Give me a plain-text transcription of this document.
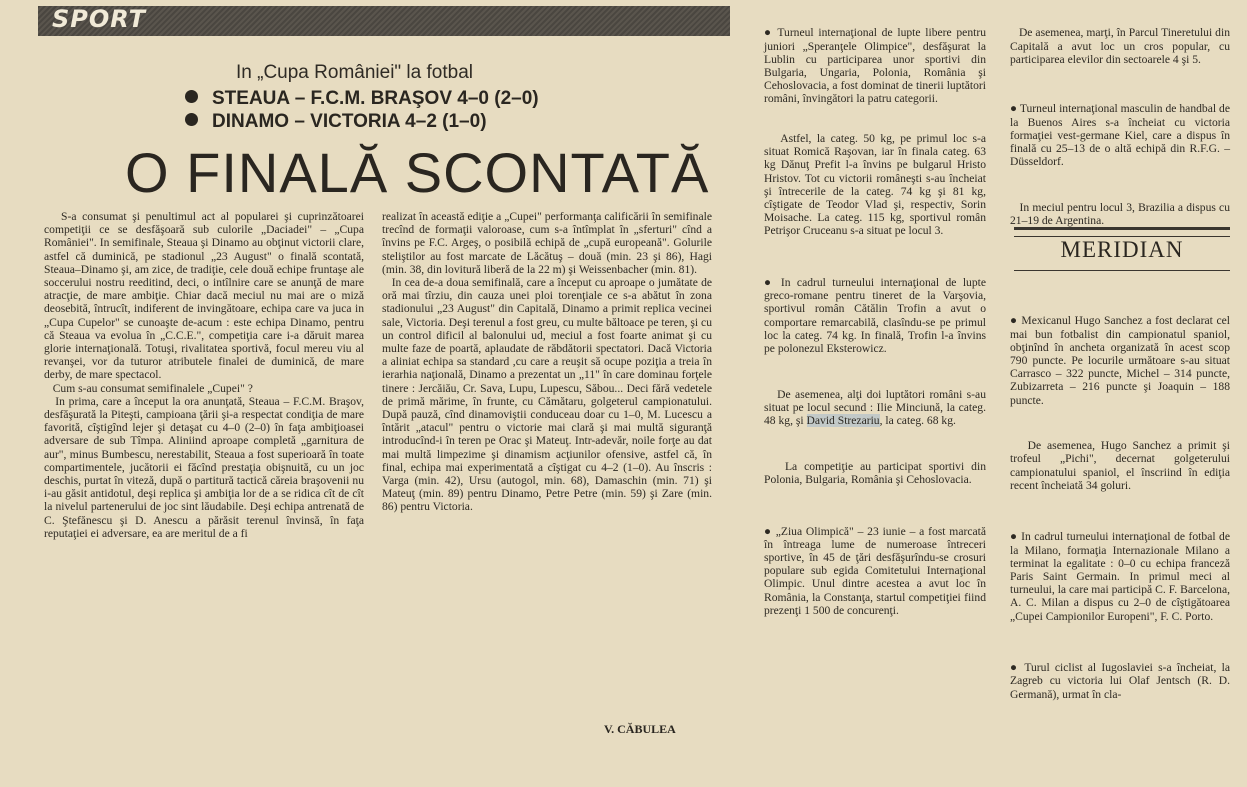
SPORT
In „Cupa României" la fotbal
STEAUA – F.C.M. BRAŞOV 4–0 (2–0)
DINAMO – VICTORIA 4–2 (1–0)
O FINALĂ SCONTATĂ
S-a consumat şi penultimul act al popularei şi cuprinzătoarei competiţii ce se desfăşoară sub culorile „Daciadei" – „Cupa României". In semifinale, Steaua şi Dinamo au obţinut victorii clare, astfel că duminică, pe stadionul „23 August" o finală scontată, Steaua–Dinamo şi, am zice, de tradiţie, cele două echipe fruntaşe ale soccerului nostru reeditind, deci, o intîlnire care se anunţă de mare atracţie, de mare ambiţie. Chiar dacă meciul nu mai are o miză deosebită, întrucît, indiferent de invingătoare, echipa care va juca in „Cupa Cupelor" se cunoaşte de-acum : este echipa Dinamo, pentru că Steaua va evolua în „C.C.E.", competiţia care i-a dăruit marea glorie internaţională. Totuşi, rivalitatea sportivă, focul mereu viu al revanşei, vor da tuturor atributele finalei de duminică, de mare derby, de mare spectacol.
Cum s-au consumat semifinalele „Cupei" ?
In prima, care a început la ora anunţată, Steaua – F.C.M. Braşov, desfăşurată la Piteşti, campioana ţării şi-a respectat condiţia de mare favorită, cîştigînd lejer şi detaşat cu 4–0 (2–0) în faţa ambiţioasei adversare de sub Tîmpa. Aliniind aproape completă „garnitura de aur", minus Bumbescu, nerestabilit, Steaua a fost superioară în toate compartimentele, jucătorii ei făcînd prestaţia obişnuită, cu un joc deschis, purtat în viteză, după o partitură tactică căreia braşovenii nu i-au găsit antidotul, deşi replica şi ambiţia lor de a se ridica cît de cît la nivelul partenerului de joc sint lăudabile. Deşi echipa antrenată de C. Ştefănescu şi D. Anescu a părăsit terenul învinsă, în faţa reputaţiei ei adversare, ea are meritul de a fi
realizat în această ediţie a „Cupei" performanţa calificării în semifinale trecînd de formaţii valoroase, cum s-a întîmplat în „sferturi" cînd a învins pe F.C. Argeş, o posibilă echipă de „cupă europeană". Golurile steliştilor au fost marcate de Lăcătuş – două (min. 23 şi 86), Hagi (min. 38, din lovitură liberă de la 22 m) şi Weissenbacher (min. 81).
In cea de-a doua semifinală, care a început cu aproape o jumătate de oră mai tîrziu, din cauza unei ploi torenţiale ce s-a abătut în zona stadionului „23 August" din Capitală, Dinamo a primit replica vecinei sale, Victoria. Deşi terenul a fost greu, cu multe băltoace pe teren, şi cu un control dificil al balonului ud, meciul a fost foarte animat şi cu multe faze de poartă, aplaudate de răbdătorii spectatori. Dacă Victoria a aliniat echipa sa standard ,cu care a reuşit să ocupe poziţia a treia în ierarhia naţională, Dinamo a prezentat un „11" în care dominau forţele tinere : Jercăiău, Cr. Sava, Lupu, Lupescu, Săbou... Deci fără vedetele de primă mărime, în frunte, cu Cămătaru, golgeterul campionatului. După pauză, cînd dinamoviştii conduceau doar cu 1–0, M. Lucescu a întărit „atacul" pentru o victorie mai clară şi mai multă siguranţă introducînd-i în teren pe Orac şi Mateuţ. Intr-adevăr, noile forţe au dat mai multă limpezime şi dinamism acţiunilor ofensive, astfel că, în final, echipa mai experimentată a cîştigat cu 4–2 (1–0). Au înscris : Varga (min. 42), Ursu (autogol, min. 68), Damaschin (min. 71) şi Mateuţ (min. 89) pentru Dinamo, Petre Petre (min. 59) şi Zare (min. 86) pentru Victoria.
V. CĂBULEA

● Turneul internaţional de lupte libere pentru juniori „Speranţele Olimpice", desfăşurat la Lublin cu participarea unor sportivi din Bulgaria, Ungaria, Polonia, România şi Cehoslovacia, a fost dominat de tinerii luptători români, învingători la patru categorii.

Astfel, la categ. 50 kg, pe primul loc s-a situat Romică Raşovan, iar în finala categ. 63 kg Dănuţ Prefit l-a învins pe bulgarul Hristo Hristov. Tot cu victorii româneşti s-au încheiat şi întrecerile de la categ. 74 kg şi 81 kg, cîştigate de Teodor Vlad şi, respectiv, Sorin Moisache. La categ. 115 kg, sportivul român Petrişor Cruceanu s-a situat pe locul 3.

● In cadrul turneului internaţional de lupte greco-romane pentru tineret de la Varşovia, sportivul român Cătălin Trofin a avut o comportare remarcabilă, clasîndu-se pe primul loc la categ. 74 kg. In finală, Trofin l-a învins pe polonezul Eksterowicz.

De asemenea, alţi doi luptători români s-au situat pe locul secund : Ilie Minciună, la categ. 48 kg, şi David Strezariu, la categ. 68 kg.

La competiţie au participat sportivi din Polonia, Bulgaria, România şi Cehoslovacia.

● „Ziua Olimpică" – 23 iunie – a fost marcată în întreaga lume de numeroase întreceri sportive, în 45 de ţări desfăşurîndu-se crosuri populare sub egida Comitetului Internaţional Olimpic. Unul dintre acestea a avut loc în România, la Constanţa, startul competiţiei fiind prezenţi 1 500 de concurenţi.

De asemenea, marţi, în Parcul Tineretului din Capitală a avut loc un cros popular, cu participarea elevilor din sectoarele 4 şi 5.

● Turneul internaţional masculin de handbal de la Buenos Aires s-a încheiat cu victoria formaţiei vest-germane Kiel, care a dispus în finală cu 25–13 de o altă echipă din R.F.G. – Düsseldorf.

In meciul pentru locul 3, Brazilia a dispus cu 21–19 de Argentina.

MERIDIAN

● Mexicanul Hugo Sanchez a fost declarat cel mai bun fotbalist din campionatul spaniol, obţinînd în ancheta organizată în acest scop 790 puncte. Pe locurile următoare s-au situat Carrasco – 322 puncte, Michel – 314 puncte, Zubizarreta – 216 puncte şi Joaquin – 188 puncte.

De asemenea, Hugo Sanchez a primit şi trofeul „Pichi", decernat golgeterului campionatului spaniol, el înscriind în ediţia recent încheiată 34 goluri.

● In cadrul turneului internaţional de fotbal de la Milano, formaţia Internazionale Milano a terminat la egalitate : 0–0 cu echipa franceză Paris Saint Germain. In primul meci al turneului, la care mai participă C. F. Barcelona, A. C. Milan a dispus cu 2–0 de cîştigătoarea „Cupei Campionilor Europeni", F. C. Porto.

● Turul ciclist al Iugoslaviei s-a încheiat, la Zagreb cu victoria lui Olaf Jentsch (R. D. Germană), urmat în cla-
